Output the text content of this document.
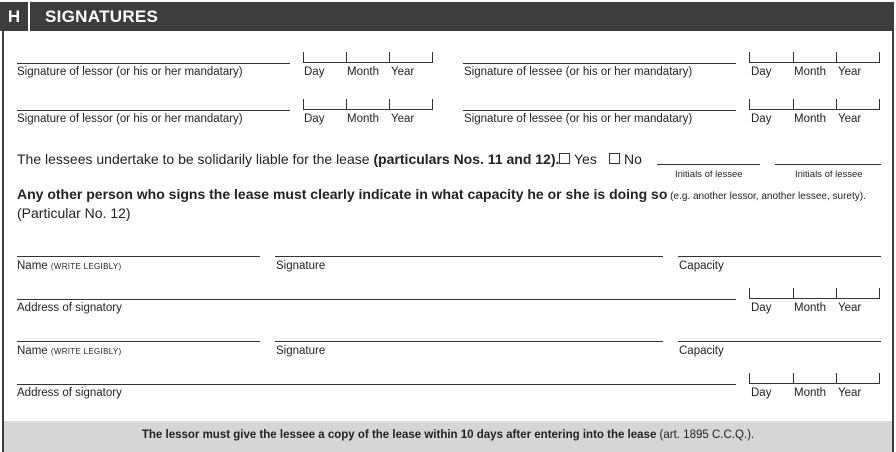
H	SIGNATURES
Signature of lessor (or his or her mandatary)	Day Month Year	Signature of lessee (or his or her mandatary)	Day Month Year
Signature of lessor (or his or her mandatary)	Day Month Year	Signature of lessee (or his or her mandatary)	Day Month Year
The lessees undertake to be solidarily liable for the lease (particulars Nos. 11 and 12). Yes No
Initials of lessee	Initials of lessee
Any other person who signs the lease must clearly indicate in what capacity he or she is doing so (e.g. another lessor, another lessee, surety).
(Particular No. 12)
Name (WRITE LEGIBLY)	Signature	Capacity
Address of signatory	Day Month Year
Name (WRITE LEGIBLY)	Signature	Capacity
Address of signatory	Day Month Year
The lessor must give the lessee a copy of the lease within 10 days after entering into the lease (art. 1895 C.C.Q.).
